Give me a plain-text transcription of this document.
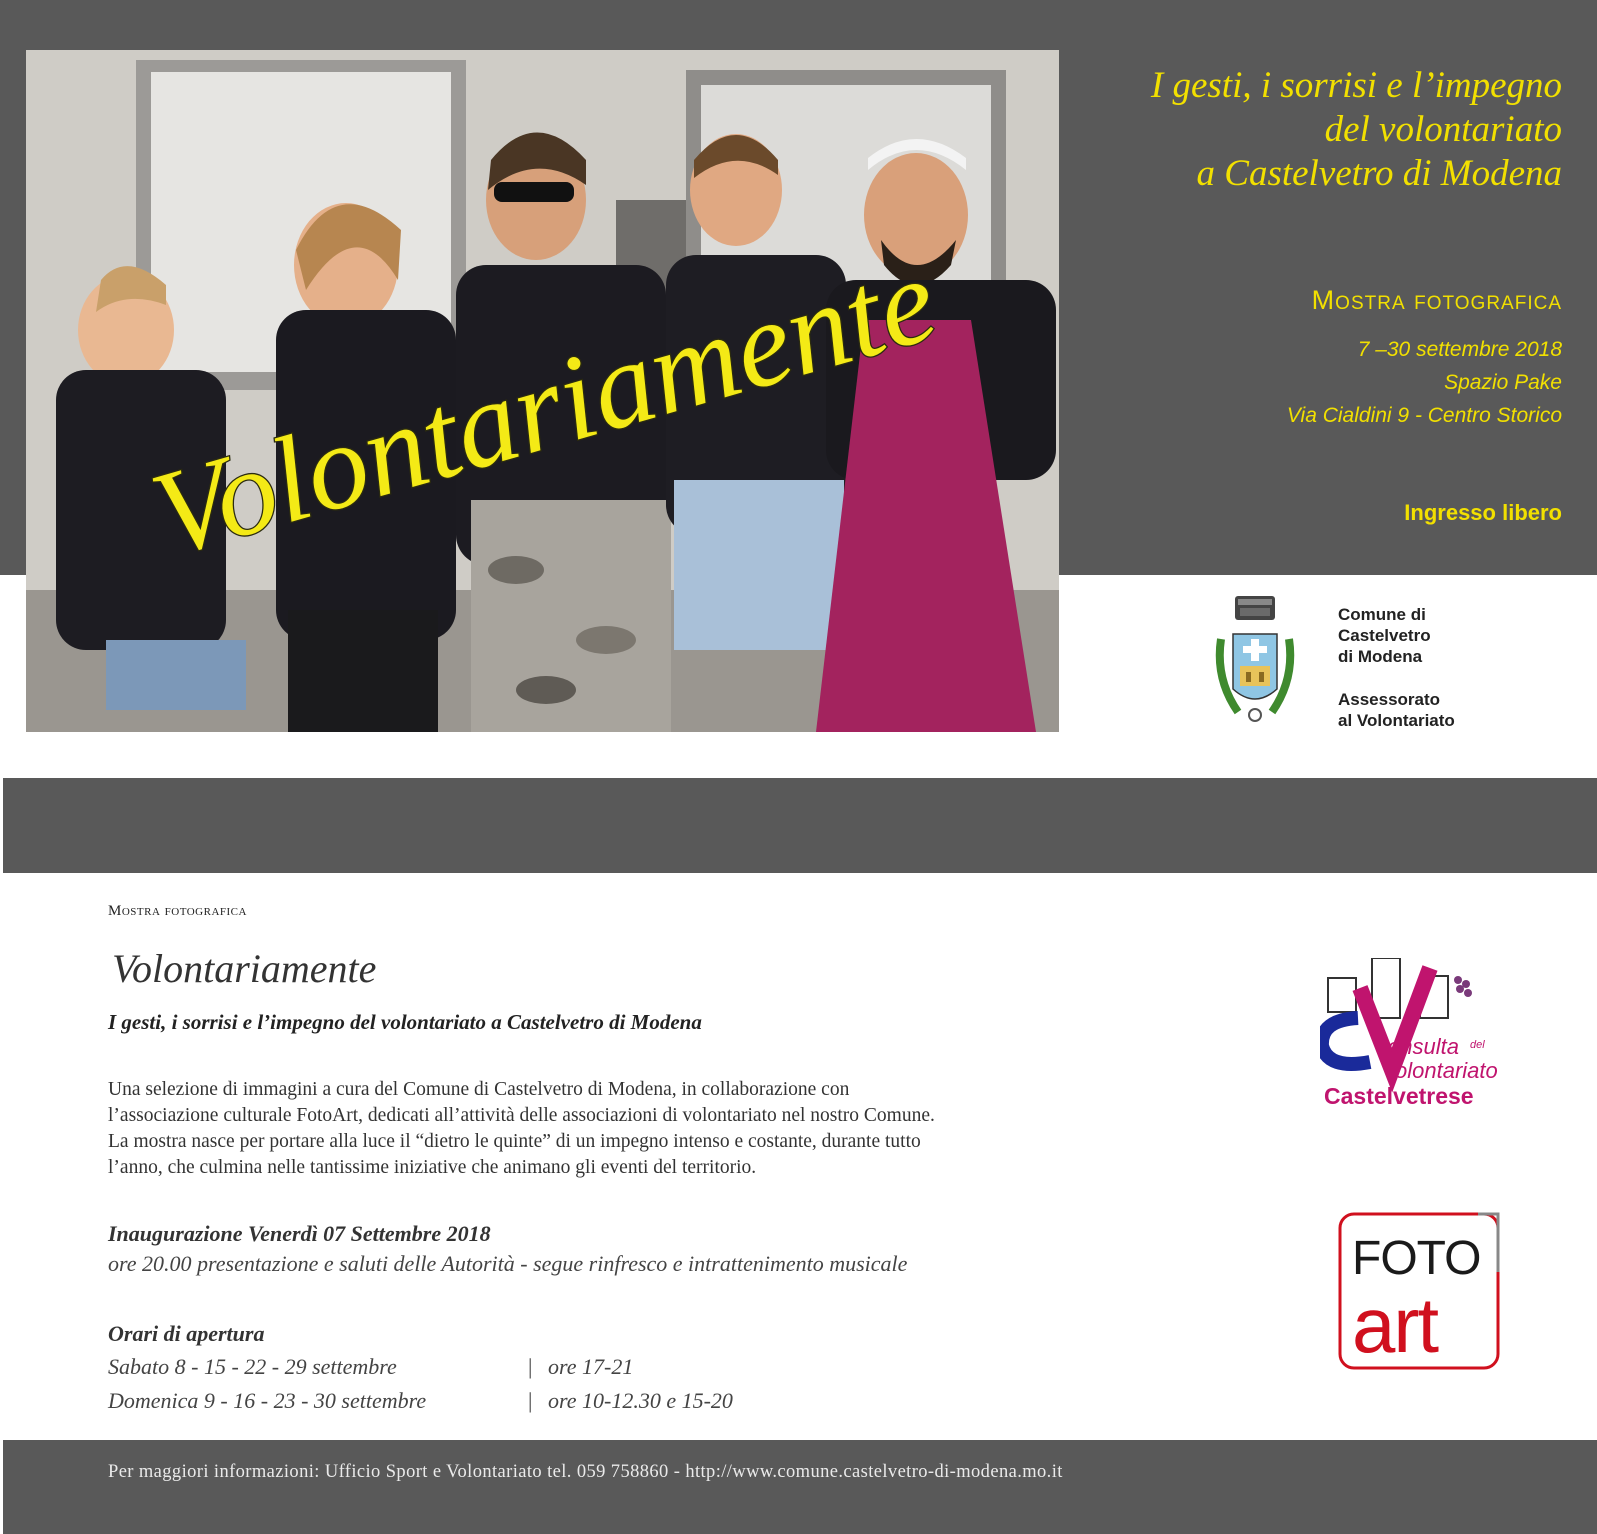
Volontariamente
I gesti, i sorrisi e l’impegno
del volontariato
a Castelvetro di Modena
Mostra fotografica
7 –30 settembre 2018
Spazio Pake
Via Cialdini 9 - Centro Storico
Ingresso libero
Comune di
Castelvetro
di Modena
Assessorato
al Volontariato
Mostra fotografica
Volontariamente
I gesti, i sorrisi e l’impegno del volontariato a Castelvetro di Modena
Una selezione di immagini a cura del Comune di Castelvetro di Modena, in collaborazione con
l’associazione culturale FotoArt, dedicati all’attività delle associazioni di volontariato nel nostro Comune.
La mostra nasce per portare alla luce il “dietro le quinte” di un impegno intenso e costante, durante tutto
l’anno, che culmina nelle tantissime iniziative che animano gli eventi del territorio.
Inaugurazione Venerdì 07 Settembre 2018
ore 20.00 presentazione e saluti delle Autorità - segue rinfresco e intrattenimento musicale
Orari di apertura
Sabato 8 - 15 - 22 - 29 settembre	| ore 17-21
Domenica 9 - 16 - 23 - 30 settembre	| ore 10-12.30 e 15-20
onsulta del
olontariato
Castelvetrese
FOTO
art
Per maggiori informazioni: Ufficio Sport e Volontariato tel. 059 758860 - http://www.comune.castelvetro-di-modena.mo.it
